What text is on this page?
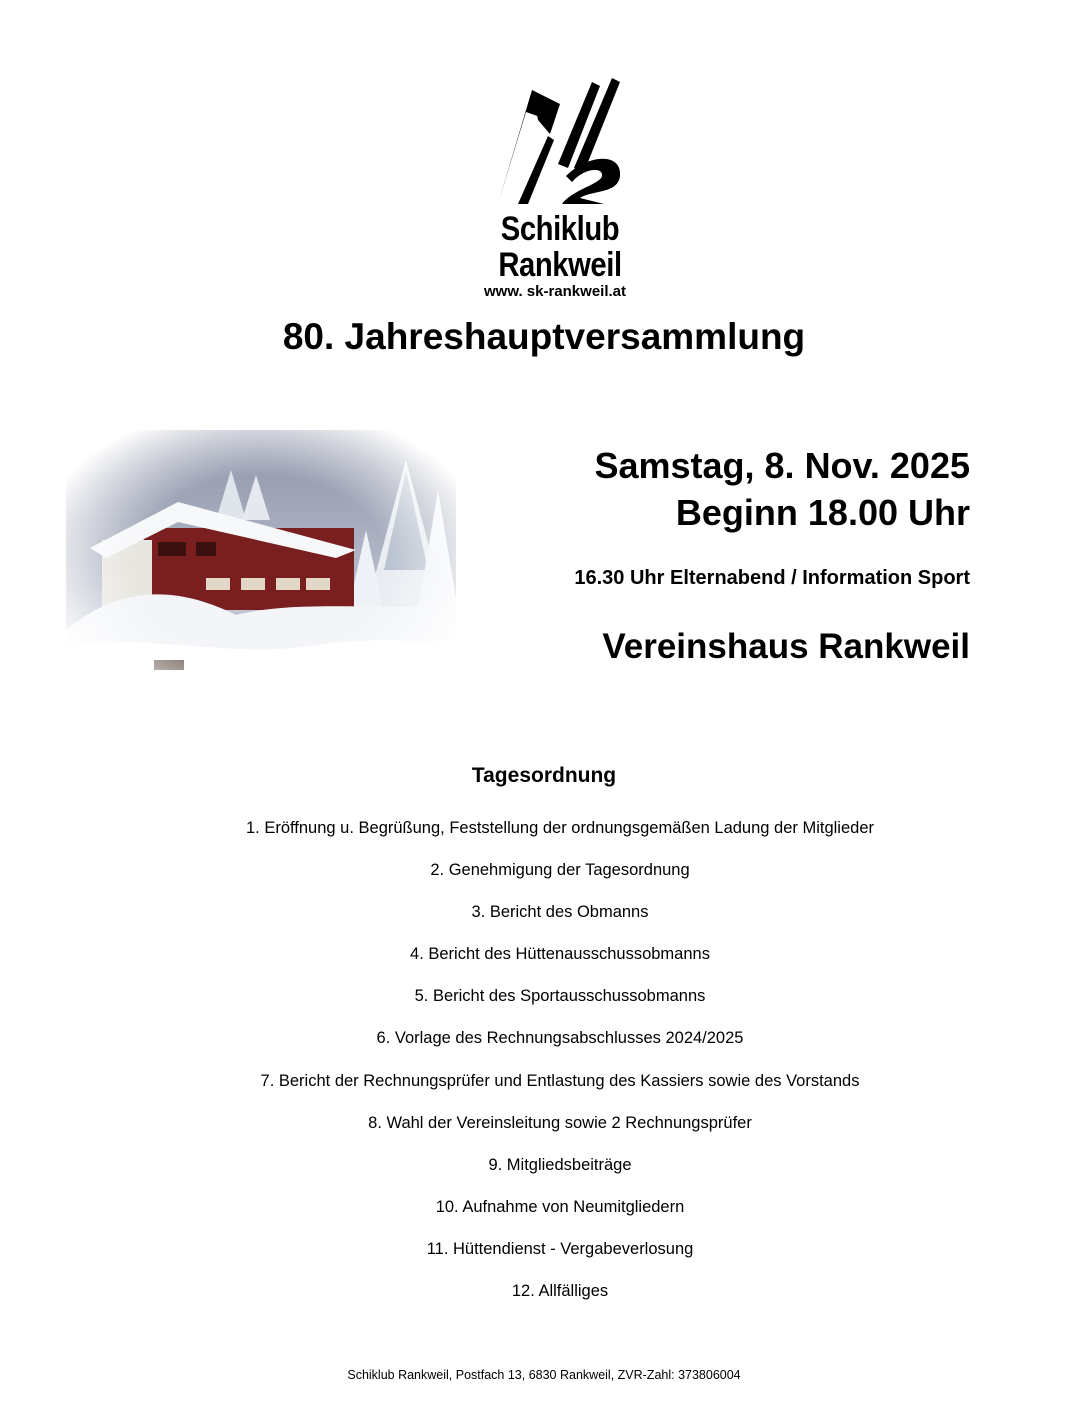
Schiklub
Rankweil
www. sk-rankweil.at
80. Jahreshauptversammlung
Samstag, 8. Nov. 2025
Beginn 18.00 Uhr
16.30 Uhr Elternabend / Information Sport
Vereinshaus Rankweil
Tagesordnung
1. Eröffnung u. Begrüßung, Feststellung der ordnungsgemäßen Ladung der Mitglieder
2. Genehmigung der Tagesordnung
3. Bericht des Obmanns
4. Bericht des Hüttenausschussobmanns
5. Bericht des Sportausschussobmanns
6. Vorlage des Rechnungsabschlusses 2024/2025
7. Bericht der Rechnungsprüfer und Entlastung des Kassiers sowie des Vorstands
8. Wahl der Vereinsleitung sowie 2 Rechnungsprüfer
9. Mitgliedsbeiträge
10. Aufnahme von Neumitgliedern
11. Hüttendienst - Vergabeverlosung
12. Allfälliges
Schiklub Rankweil, Postfach 13, 6830 Rankweil, ZVR-Zahl: 373806004
